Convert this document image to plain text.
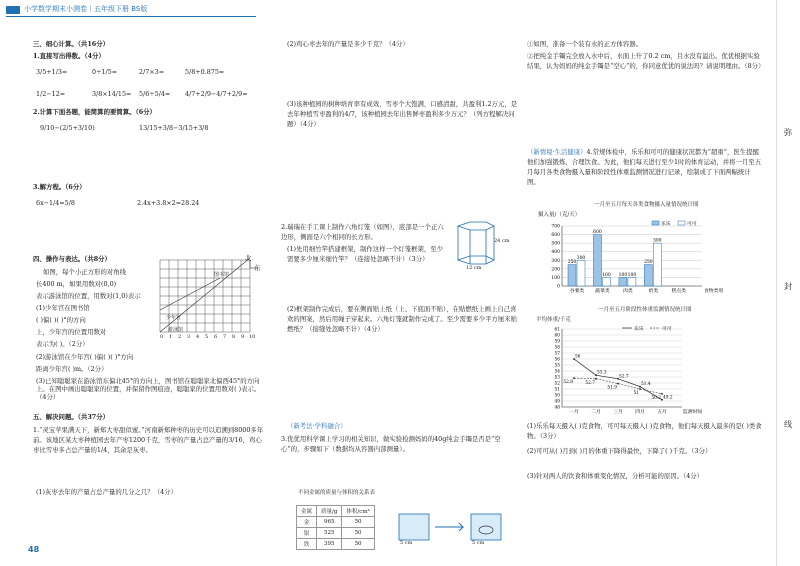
小学数学期末小测卷｜五年级下册 BS版
弥
封
线
三、细心计算。（共16分）
1.直接写出得数。（4分）
3/5+1/3=	0÷1/5=	2/7×3=	5/8+0.875=
1/2−12=	3/8×14/15= 5/6÷5/4= 4/7+2/9−4/7+2/9=
2.计算下面各题，能简算的要简算。（6分）
9/10−(2/5+3/10)	13/15+3/8−3/15+3/8
3.解方程。（6分）
6x−1/4=5/8	2.4x+3.8×2=28.24
四、操作与表达。（共8分）
如图，每个小正方形的对角线
长400 m，如果用数对(0,0)
表示游泳馆的位置，用数对(1,0)表示
(1)少年宫在图书馆
( )偏( )( )°的方向
上，少年宫的位置用数对
表示为( )。（2分）
(2)游泳馆在少年宫( )偏( )( )°方向
距离少年宫( )m。（2分）
(3)已知聪聪家在游泳馆东偏北45°的方向上，图书馆在聪聪家北偏西45°的方向上。在图中画出聪聪家的位置，并保留作图痕迹，聪聪家的位置用数对( )表示。（4分）
北
东
图书馆
少年宫
游泳馆
0 1 2 3 4 5 6 7 8 9 10
五、解决问题。（共37分）
1.“灵宝苹果满天下，新郑大枣甜似蜜。”河南新郑种枣的历史可以追溯到8000多年前。该地区某大枣种植园去年产枣1200千克，雪枣的产量占总产量的3/16，鸡心枣比雪枣多占总产量的1/4，其余是灰枣。
(1)灰枣去年的产量占总产量的几分之几？（4分）
(2)鸡心枣去年的产量是多少千克？（4分）
(3)该种植园的树种培育率有成效，雪枣个大饱满，口感清甜，共盈利1.2万元，是去年种植雪枣盈利的4/7，该种植园去年出售鲜枣盈利多少万元？（列方程解决问题）（4分）
2.瑞瑞在手工课上制作六角灯笼（如图），底部是一个正六边形，侧面是六个相同的长方形。
(1)先用细竹竿搭建框架，制作这样一个灯笼框架，至少需要多少厘米细竹竿？（连接处忽略不计）（3分）
24 cm
12 cm
(2)框架制作完成后，要在侧面贴上纸（上、下底面不贴），在贴燃纸上画上自己喜欢的图案，然后用绳子穿起来。六角灯笼就制作完成了。至少需要多少平方厘米贴燃纸？（接缝处忽略不计）（4分）
（新考法·学科融合）
3.优优用科学课上学习的相关知识，做实验检测妈妈的40g纯金手镯是否是“空心”的，步骤如下（数据均从容器内部测量）。
不同金属的质量与体积的关系表
金属	质量/g	体积/cm³
金	965	50
银	525	50
铁	395	50	5 cm	5 cm
48
①如图，准备一个装有水的正方体容器。
②把纯金手镯完全放入水中后，水面上升了0.2 cm，且水没有溢出。优优根据实验结果，认为妈妈的纯金手镯是“空心”的，你同意优优的说法吗？请说明理由。（8分）
（新情境·生活健康）4.常规体检中，乐乐和可可的健康状况都为“超重”，医生提醒他们加强锻炼，合理饮食。为此，他们每天进行至少1时的体育运动，并将一月至五月每月各类食物摄入量和阶段性体重监测情况进行记录，绘制成了下面两幅统计图。
一月至五月每天各类食物摄入量情况统计图
摄入量/（克/天）
0
100
200
300
400
500
600
700
250
300
谷薯类
600
100
蔬菜类
100 100
肉类
250
500
奶类	糕点类	食物类别
乐乐	可可
一月至五月阶段性体重监测情况统计图
平均体重/千克
48
49
50
51
52
53
54
55
56
57
58
59
60
61
一月	二月	三月	四月	五月	监测时间
56
53.3
52.7
51.4
49.2
52.8	52.7
51.9
51
50.2
乐乐	可可
(1)乐乐每天摄入( )克食物，可可每天摄入( )克食物，他们每天摄入最多的是( )类食物。（3分）
(2)可可从( )月到( )月的体重下降得最快，下降了( )千克。（3分）
(3)针对两人的饮食和体重变化情况，分析可能的原因。（4分）
